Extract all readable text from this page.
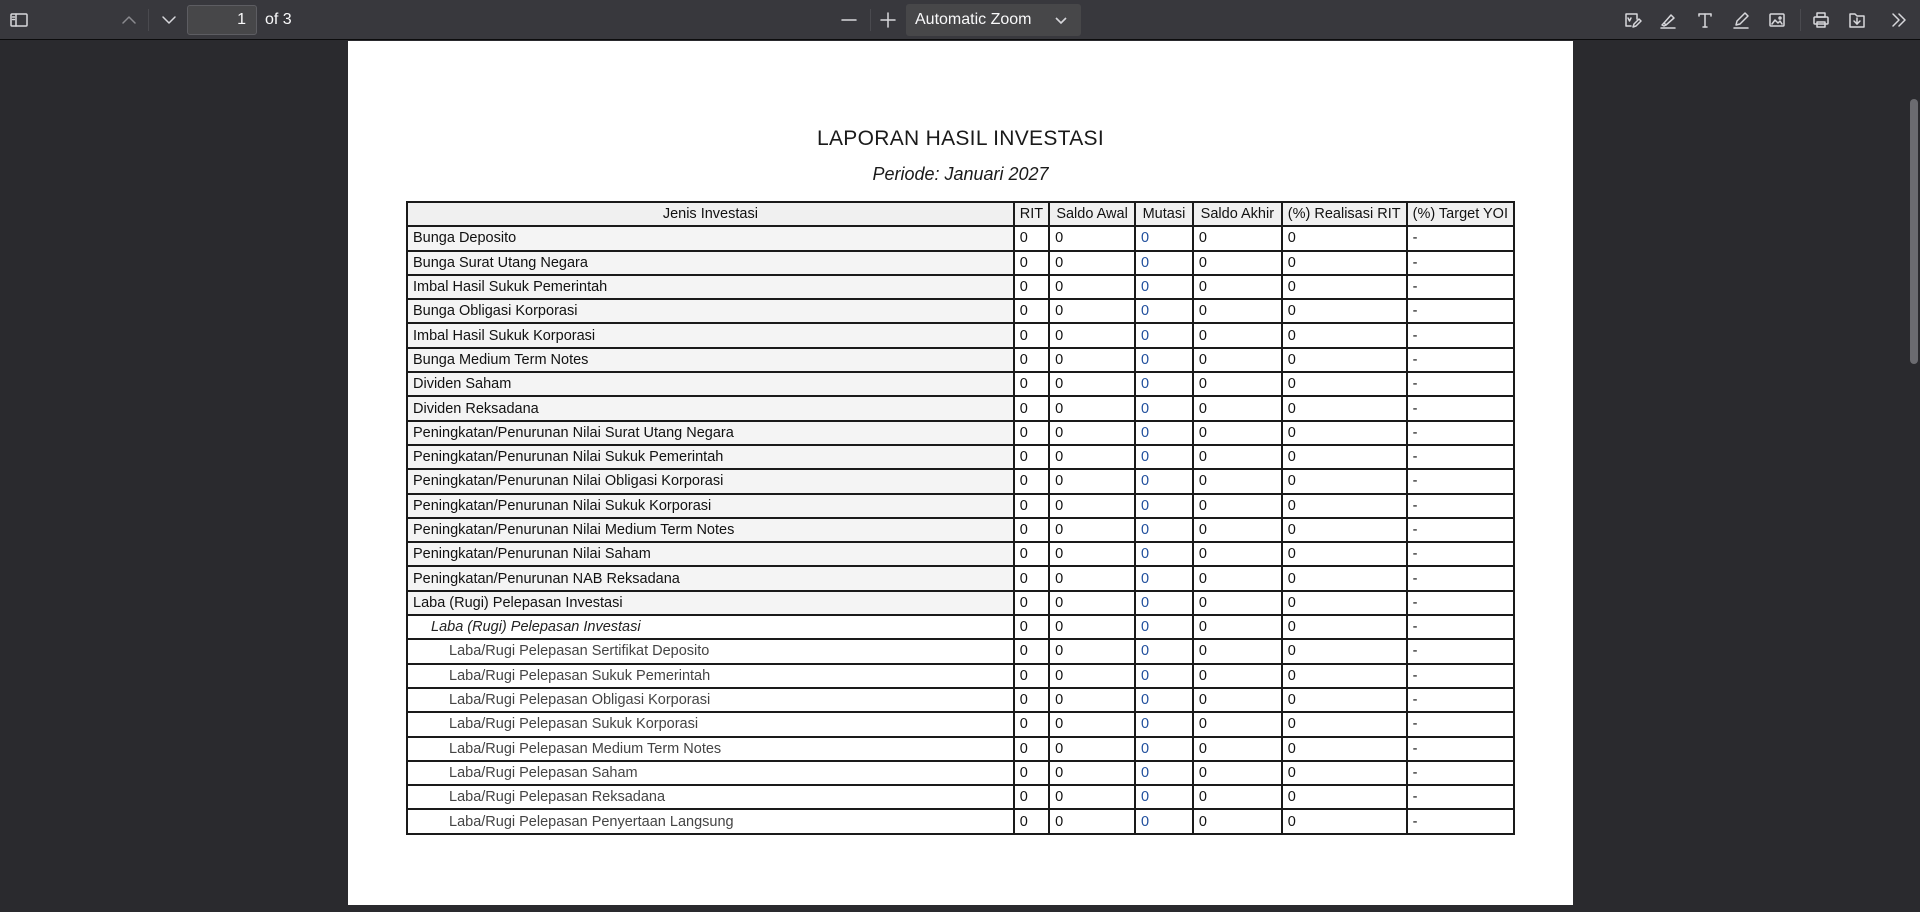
1
of 3	Automatic Zoom
LAPORAN HASIL INVESTASI
Periode: Januari 2027
Jenis Investasi	RIT	Saldo Awal	Mutasi	Saldo Akhir	(%) Realisasi RIT	(%) Target YOI
Bunga Deposito	0	0	0	0	0	-
Bunga Surat Utang Negara	0	0	0	0	0	-
Imbal Hasil Sukuk Pemerintah	0	0	0	0	0	-
Bunga Obligasi Korporasi	0	0	0	0	0	-
Imbal Hasil Sukuk Korporasi	0	0	0	0	0	-
Bunga Medium Term Notes	0	0	0	0	0	-
Dividen Saham	0	0	0	0	0	-
Dividen Reksadana	0	0	0	0	0	-
Peningkatan/Penurunan Nilai Surat Utang Negara	0	0	0	0	0	-
Peningkatan/Penurunan Nilai Sukuk Pemerintah	0	0	0	0	0	-
Peningkatan/Penurunan Nilai Obligasi Korporasi	0	0	0	0	0	-
Peningkatan/Penurunan Nilai Sukuk Korporasi	0	0	0	0	0	-
Peningkatan/Penurunan Nilai Medium Term Notes	0	0	0	0	0	-
Peningkatan/Penurunan Nilai Saham	0	0	0	0	0	-
Peningkatan/Penurunan NAB Reksadana	0	0	0	0	0	-
Laba (Rugi) Pelepasan Investasi	0	0	0	0	0	-
Laba (Rugi) Pelepasan Investasi	0	0	0	0	0	-
Laba/Rugi Pelepasan Sertifikat Deposito	0	0	0	0	0	-
Laba/Rugi Pelepasan Sukuk Pemerintah	0	0	0	0	0	-
Laba/Rugi Pelepasan Obligasi Korporasi	0	0	0	0	0	-
Laba/Rugi Pelepasan Sukuk Korporasi	0	0	0	0	0	-
Laba/Rugi Pelepasan Medium Term Notes	0	0	0	0	0	-
Laba/Rugi Pelepasan Saham	0	0	0	0	0	-
Laba/Rugi Pelepasan Reksadana	0	0	0	0	0	-
Laba/Rugi Pelepasan Penyertaan Langsung	0	0	0	0	0	-
